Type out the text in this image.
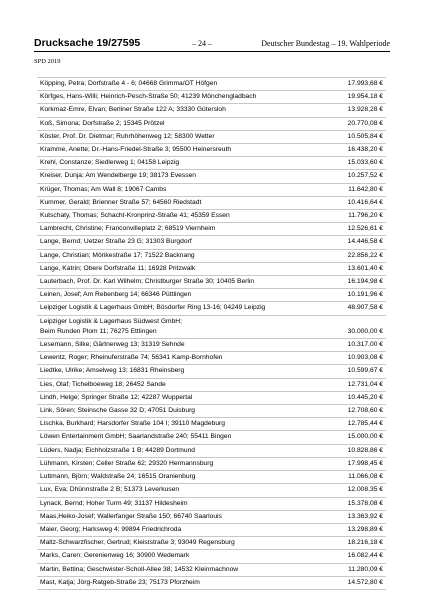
Drucksache 19/27595	– 24 –	Deutscher Bundestag – 19. Wahlperiode
SPD 2019
Köpping, Petra; Dorfstraße 4 - 6; 04668 Grimma/OT Höfgen	17.993,68 €
Körfges, Hans-Willi; Heinrich-Pesch-Straße 50; 41239 Mönchengladbach	19.954,18 €
Korkmaz-Emre, Elvan; Berliner Straße 122 A; 33330 Gütersloh	13.928,28 €
Koß, Simona; Dorfstraße 2; 15345 Prötzel	20.770,08 €
Köster, Prof. Dr. Dietmar; Ruhrhöhenweg 12; 58300 Wetter	10.505,84 €
Kramme, Anette; Dr.-Hans-Friedel-Straße 3; 95500 Heinersreuth	16.438,20 €
Krehl, Constanze; Siedlerweg 1; 04158 Leipzig	15.033,60 €
Kreiser, Dunja; Am Wendelberge 19; 38173 Evessen	10.257,52 €
Krüger, Thomas; Am Wall 8; 19067 Cambs	11.642,80 €
Kummer, Gerald; Brienner Straße 57; 64560 Riedstadt	10.416,64 €
Kutschaty, Thomas; Schacht-Kronprinz-Straße 41; 45359 Essen	11.796,20 €
Lambrecht, Christine; Franconvilleplatz 2; 68519 Viernheim	12.526,61 €
Lange, Bernd; Uetzer Straße 23 G; 31303 Burgdorf	14.446,58 €
Lange, Christian; Mörikestraße 17; 71522 Backnang	22.856,22 €
Lange, Katrin; Obere Dorfstraße 11; 16928 Pritzwalk	13.601,40 €
Lauterbach, Prof. Dr. Karl Wilhelm; Christburger Straße 30; 10405 Berlin	16.194,98 €
Leinen, Josef; Am Rebenberg 14; 66346 Püttlingen	10.191,96 €
Leipziger Logistik & Lagerhaus GmbH; Bösdorfer Ring 13-16; 04249 Leipzig	48.907,58 €
Leipziger Logistik & Lagerhaus Südwest GmbH;
Beim Runden Plom 11; 76275 Ettlingen	30.000,00 €
Lesemann, Silke; Gärtnerweg 13; 31319 Sehnde	10.317,00 €
Lewentz, Roger; Rheinuferstraße 74; 56341 Kamp-Bornhofen	10.903,08 €
Liedtke, Ulrike; Amselweg 13; 16831 Rheinsberg	10.599,67 €
Lies, Olaf; Tichelboeweg 18; 26452 Sande	12.731,04 €
Lindh, Helge; Springer Straße 12; 42287 Wuppertal	10.445,20 €
Link, Sören; Steinsche Gasse 32 D; 47051 Duisburg	12.708,60 €
Lischka, Burkhard; Harsdorfer Straße 104 I; 39110 Magdeburg	12.785,44 €
Löwen Entertainment GmbH; Saarlandstraße 240; 55411 Bingen	15.000,00 €
Lüders, Nadja; Eichholzstraße 1 B; 44289 Dortmund	10.828,86 €
Lühmann, Kirsten; Celler Straße 62; 29320 Hermannsburg	17.998,45 €
Luttmann, Björn; Waldstraße 24; 16515 Oranienburg	11.066,08 €
Lux, Eva; Dhünnstraße 2 B; 51373 Leverkusen	12.008,35 €
Lynack, Bernd; Hoher Turm 49; 31137 Hildesheim	15.378,08 €
Maas,Heiko-Josef; Wallerfanger Straße 150; 66740 Saarlouis	13.363,92 €
Maier, Georg; Harksweg 4; 99894 Friedrichroda	13.298,89 €
Maltz-Schwarzfischer, Gertrud; Kleiststraße 3; 93049 Regensburg	18.216,18 €
Marks, Caren; Gerenienweg 16; 30900 Wedemark	16.082,44 €
Martin, Bettina; Geschwister-Scholl-Allee 38; 14532 Kleinmachnow	11.280,09 €
Mast, Katja; Jörg-Ratgeb-Straße 23; 75173 Pforzheim	14.572,80 €
